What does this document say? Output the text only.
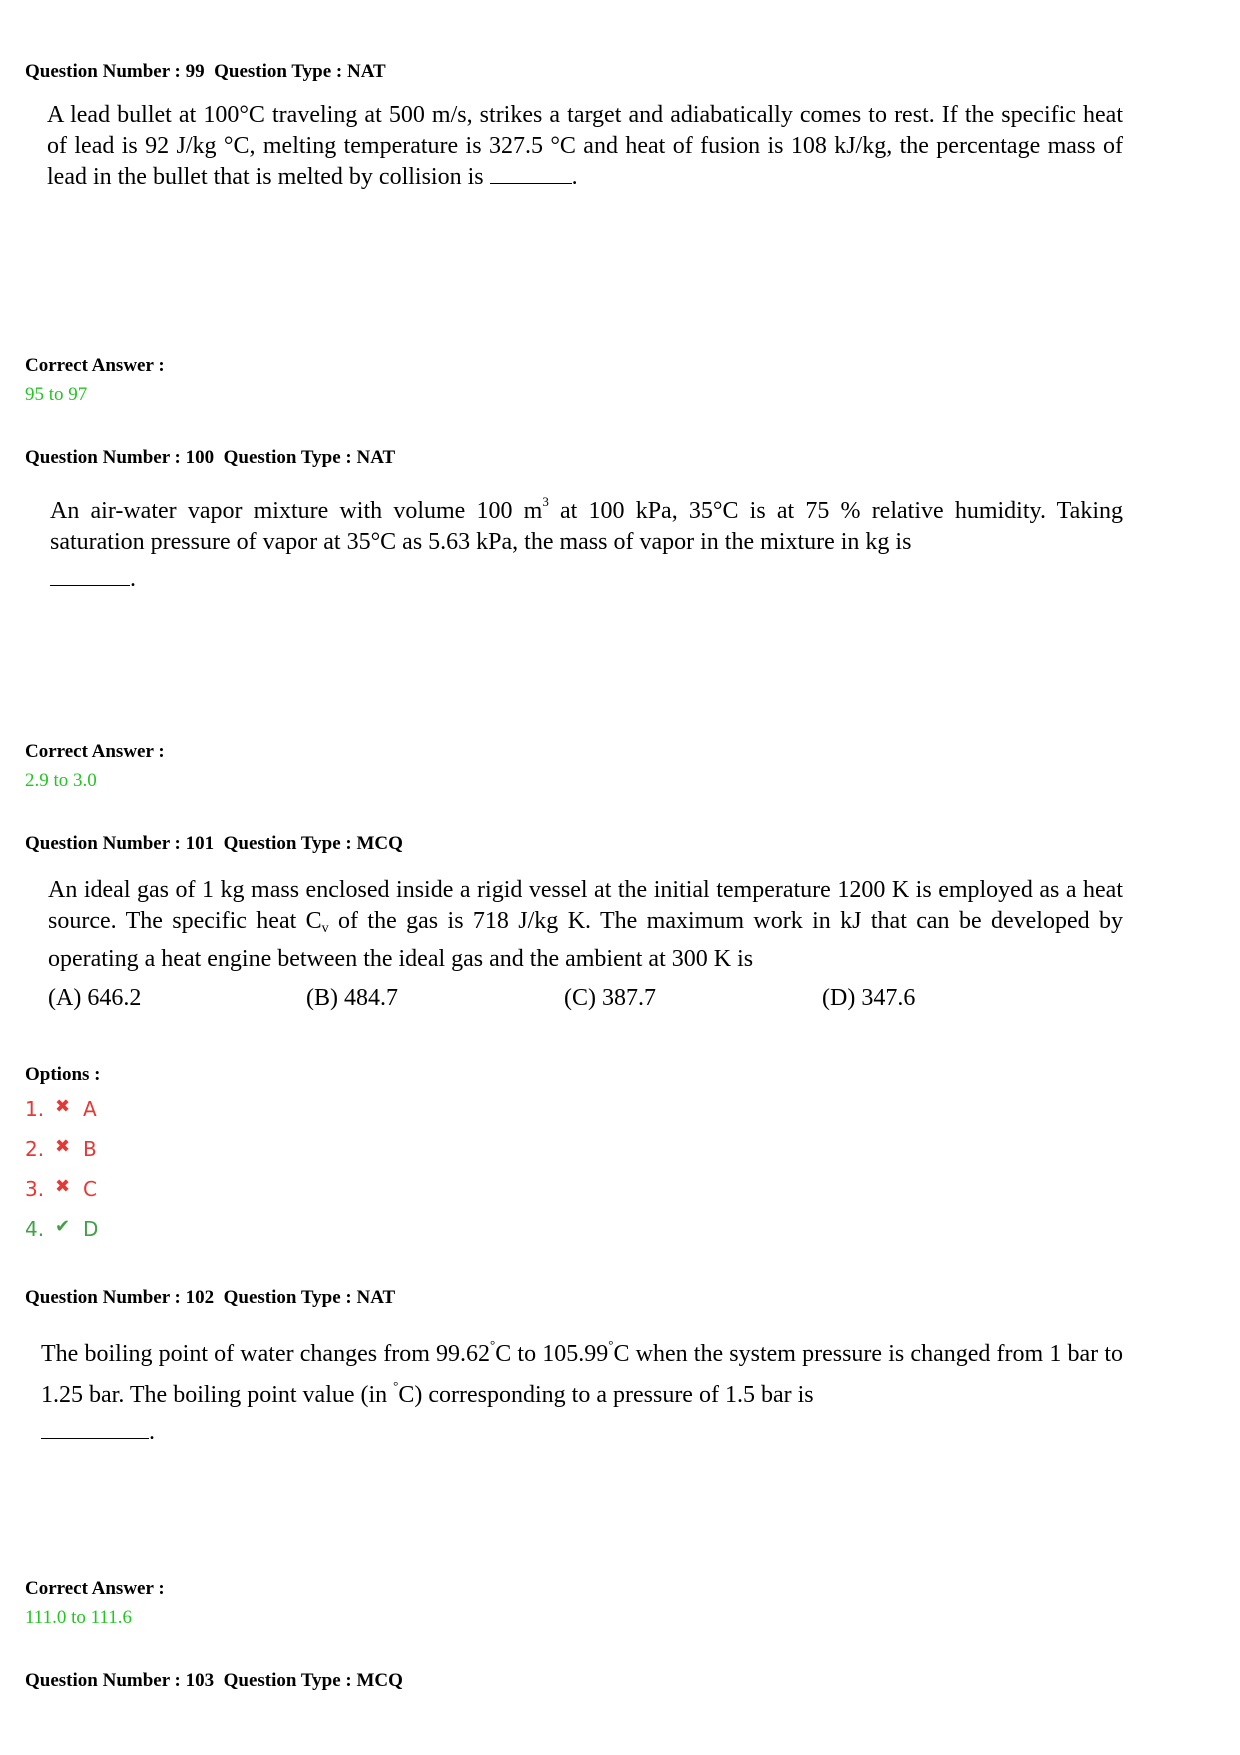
Question Number : 99  Question Type : NAT

A lead bullet at 100°C traveling at 500 m/s, strikes a target and adiabatically comes to rest. If the specific heat of lead is 92 J/kg °C, melting temperature is 327.5 °C and heat of fusion is 108 kJ/kg, the percentage mass of lead in the bullet that is melted by collision is	.

Correct Answer :
95 to 97
Question Number : 100  Question Type : NAT

An air-water vapor mixture with volume 100 $m^3$ at 100 kPa, 35°C is at 75 % relative humidity. Taking saturation pressure of vapor at 35°C as 5.63 kPa, the mass of vapor in the mixture in kg is

.

Correct Answer :
2.9 to 3.0
Question Number : 101  Question Type : MCQ

An ideal gas of 1 kg mass enclosed inside a rigid vessel at the initial temperature 1200 K is employed as a heat source. The specific heat $C_v$ of the gas is 718 J/kg K. The maximum work in kJ that can be developed by operating a heat engine between the ideal gas and the ambient at 300 K is

(A) 646.2	(B) 484.7	(C) 387.7	(D) 347.6
Options :
1. ✖ A
2. ✖ B
3. ✖ C
4. ✔ D
Question Number : 102  Question Type : NAT

The boiling point of water changes from 99.62°C to 105.99°C when the system pressure is changed from 1 bar to 1.25 bar. The boiling point value (in °C) corresponding to a pressure of 1.5 bar is

.

Correct Answer :
111.0 to 111.6
Question Number : 103  Question Type : MCQ
